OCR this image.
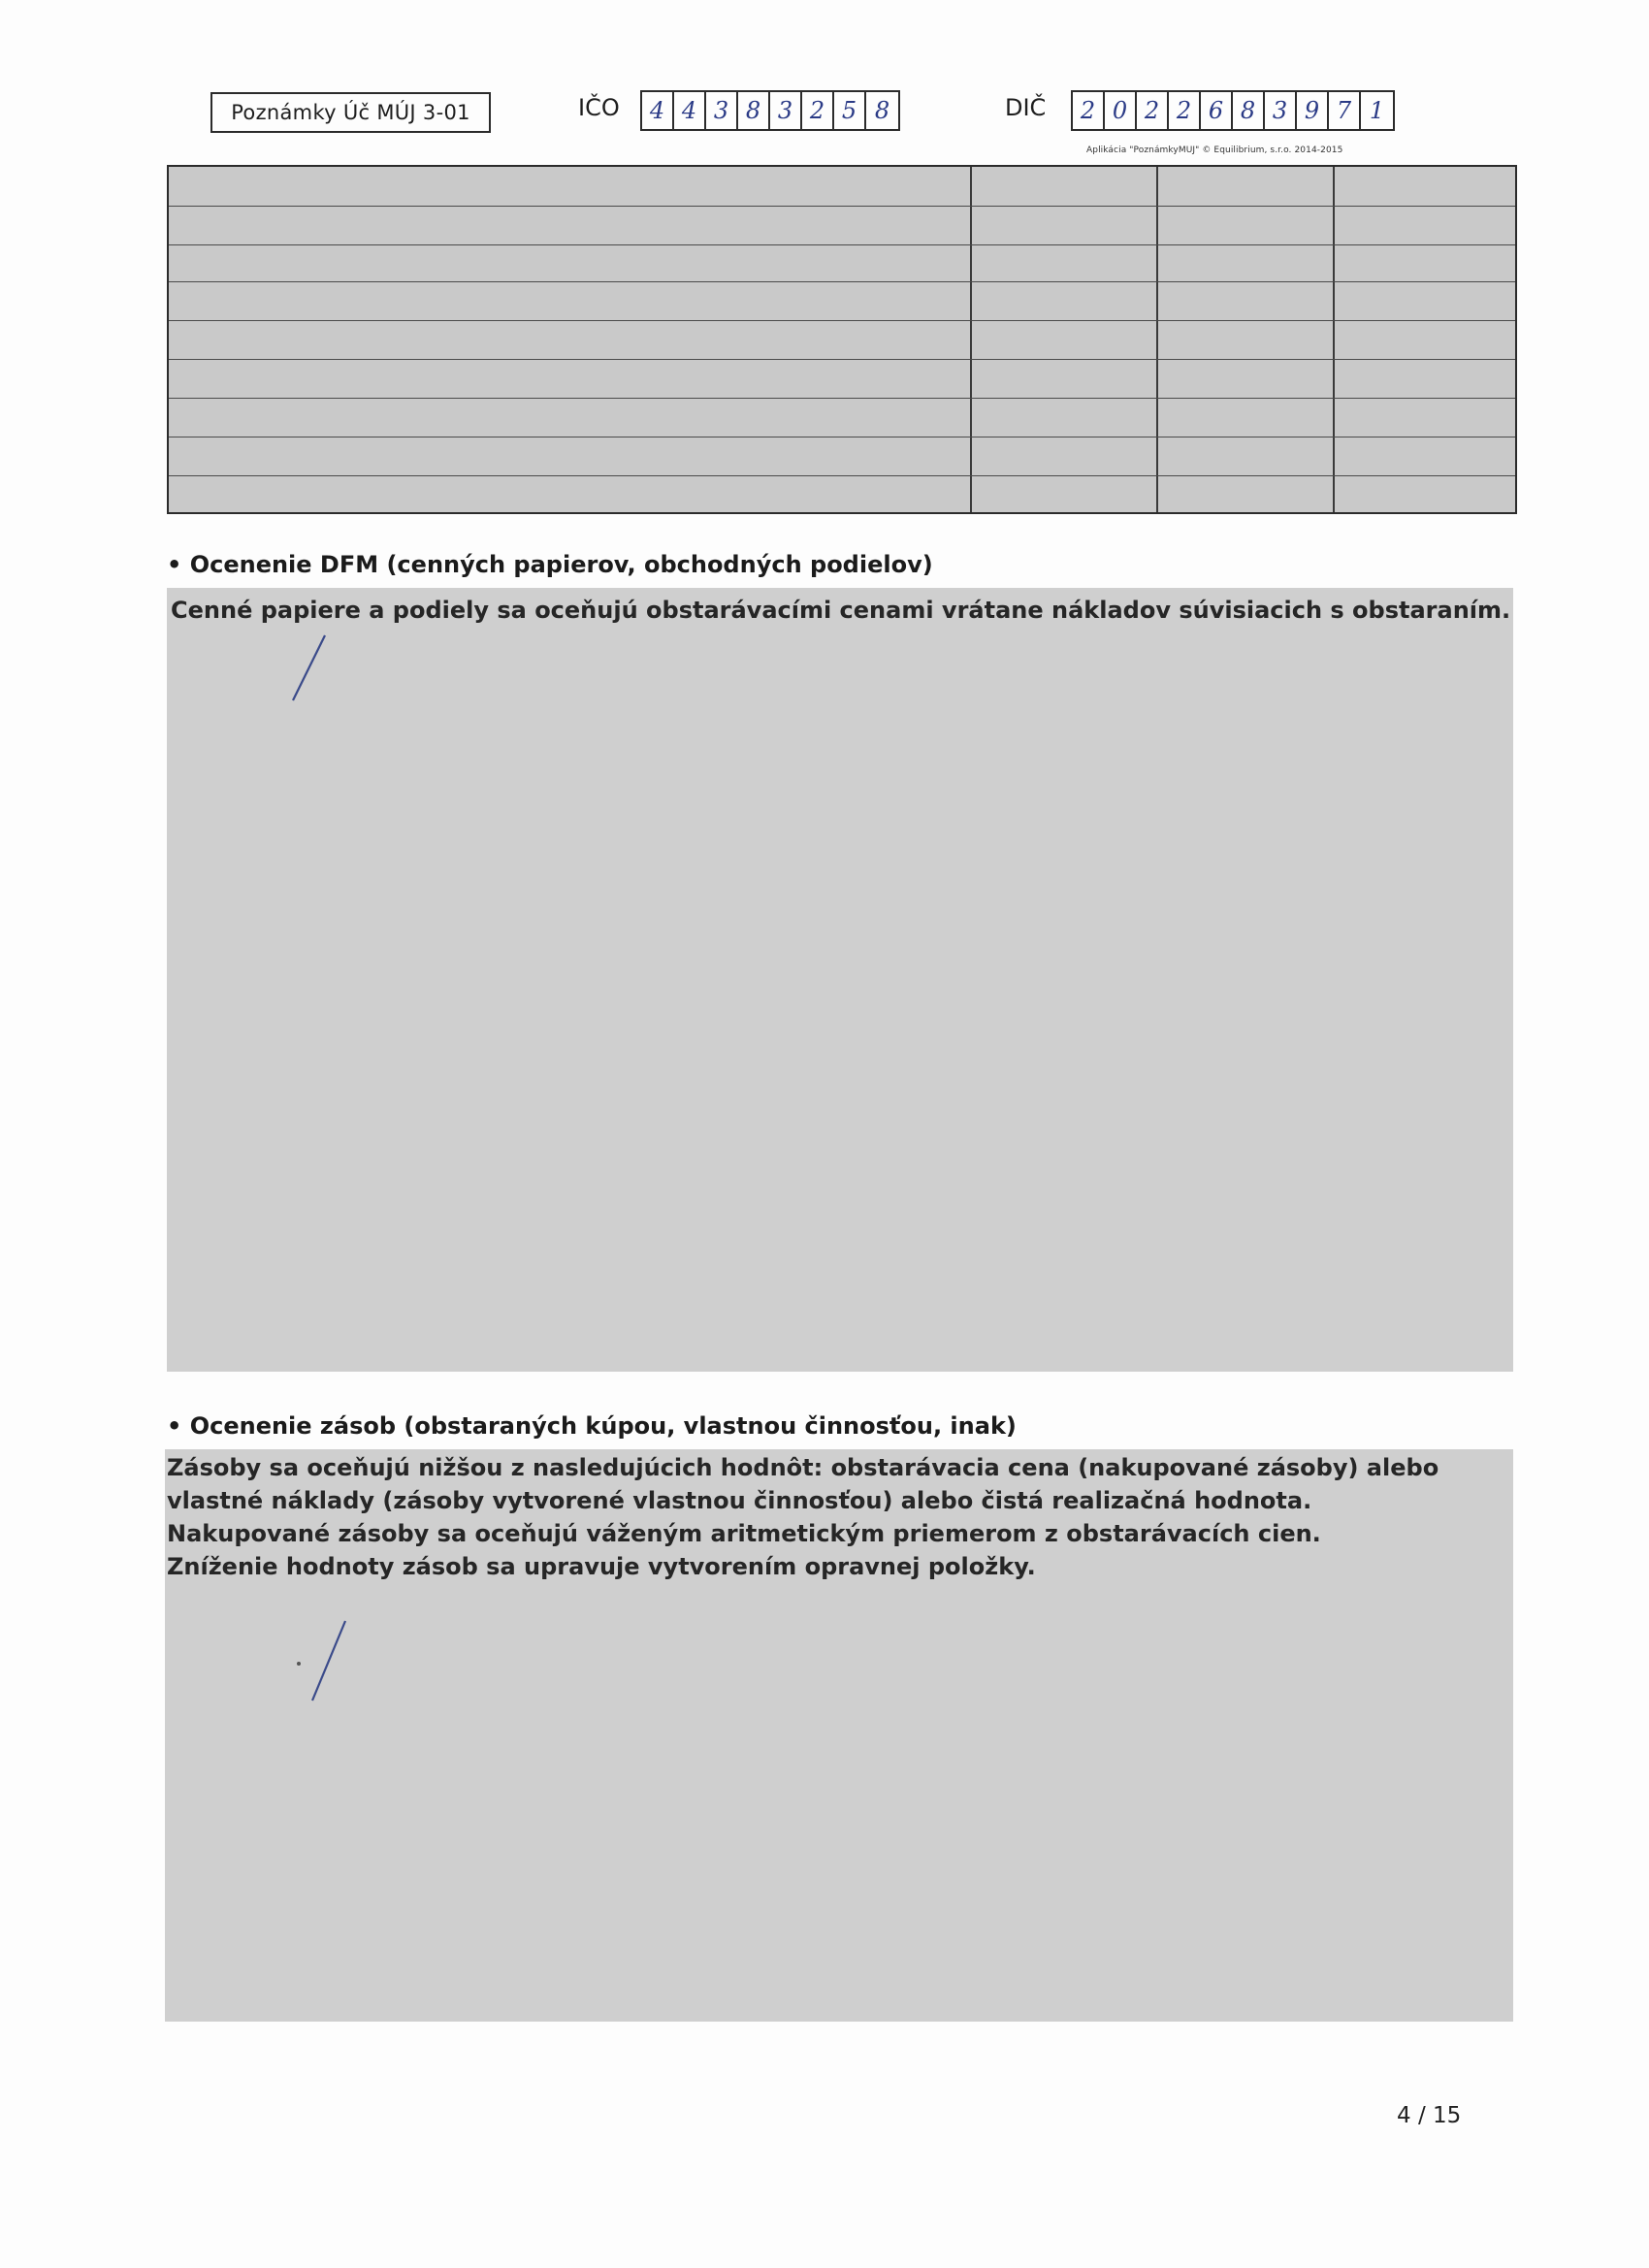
Poznámky Úč MÚJ 3-01	IČO	4 4 3 8 3 2 5 8	DIČ	2 0 2 2 6 8 3 9 7 1
Aplikácia "PoznámkyMUJ" © Equilibrium, s.r.o. 2014-2015
• Ocenenie DFM (cenných papierov, obchodných podielov)
Cenné papiere a podiely sa oceňujú obstarávacími cenami vrátane nákladov súvisiacich s obstaraním.
• Ocenenie zásob (obstaraných kúpou, vlastnou činnosťou, inak)
Zásoby sa oceňujú nižšou z nasledujúcich hodnôt: obstarávacia cena (nakupované zásoby) alebo
vlastné náklady (zásoby vytvorené vlastnou činnosťou) alebo čistá realizačná hodnota.
Nakupované zásoby sa oceňujú váženým aritmetickým priemerom z obstarávacích cien.
Zníženie hodnoty zásob sa upravuje vytvorením opravnej položky.
4 / 15
